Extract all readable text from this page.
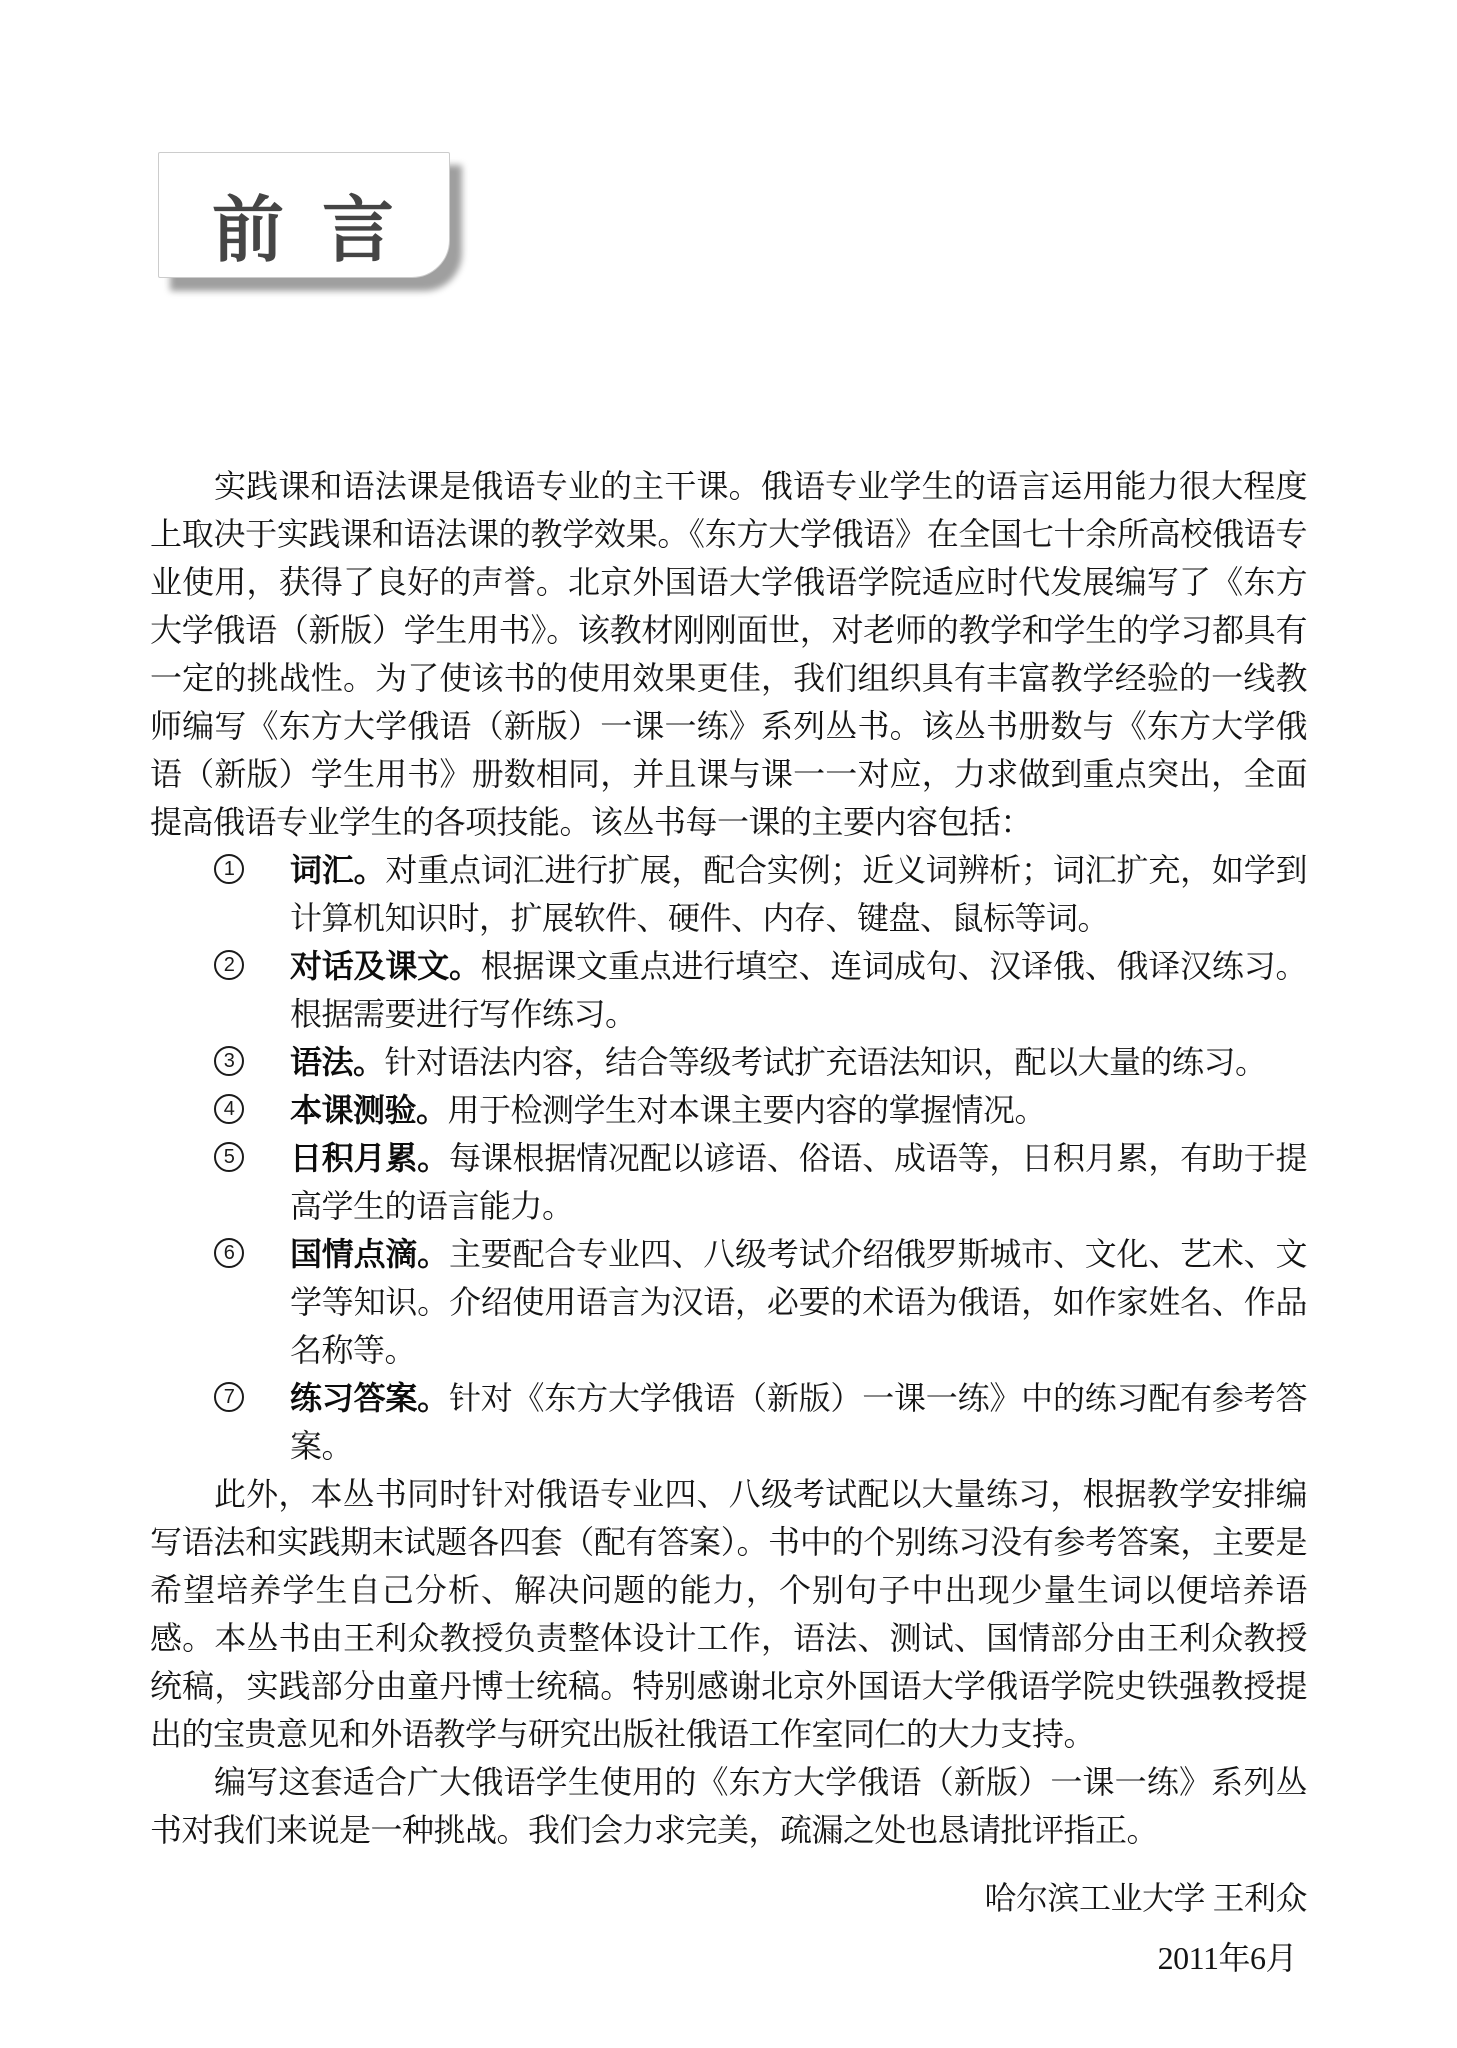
前 言

实践课和语法课是俄语专业的主干课。俄语专业学生的语言运用能力很大程度上取决于实践课和语法课的教学效果。《东方大学俄语》在全国七十余所高校俄语专业使用，获得了良好的声誉。北京外国语大学俄语学院适应时代发展编写了《东方大学俄语（新版）学生用书》。该教材刚刚面世，对老师的教学和学生的学习都具有一定的挑战性。为了使该书的使用效果更佳，我们组织具有丰富教学经验的一线教师编写《东方大学俄语（新版）一课一练》系列丛书。该丛书册数与《东方大学俄语（新版）学生用书》册数相同，并且课与课一一对应，力求做到重点突出，全面提高俄语专业学生的各项技能。该丛书每一课的主要内容包括：

1	词汇。对重点词汇进行扩展，配合实例；近义词辨析；词汇扩充，如学到计算机知识时，扩展软件、硬件、内存、键盘、鼠标等词。
2	对话及课文。根据课文重点进行填空、连词成句、汉译俄、俄译汉练习。根据需要进行写作练习。
3	语法。针对语法内容，结合等级考试扩充语法知识，配以大量的练习。
4	本课测验。用于检测学生对本课主要内容的掌握情况。
5	日积月累。每课根据情况配以谚语、俗语、成语等，日积月累，有助于提高学生的语言能力。
6	国情点滴。主要配合专业四、八级考试介绍俄罗斯城市、文化、艺术、文学等知识。介绍使用语言为汉语，必要的术语为俄语，如作家姓名、作品名称等。
7	练习答案。针对《东方大学俄语（新版）一课一练》中的练习配有参考答案。

此外，本丛书同时针对俄语专业四、八级考试配以大量练习，根据教学安排编写语法和实践期末试题各四套（配有答案）。书中的个别练习没有参考答案，主要是希望培养学生自己分析、解决问题的能力，个别句子中出现少量生词以便培养语感。本丛书由王利众教授负责整体设计工作，语法、测试、国情部分由王利众教授统稿，实践部分由童丹博士统稿。特别感谢北京外国语大学俄语学院史铁强教授提出的宝贵意见和外语教学与研究出版社俄语工作室同仁的大力支持。

编写这套适合广大俄语学生使用的《东方大学俄语（新版）一课一练》系列丛书对我们来说是一种挑战。我们会力求完美，疏漏之处也恳请批评指正。

哈尔滨工业大学 王利众
2011年6月
